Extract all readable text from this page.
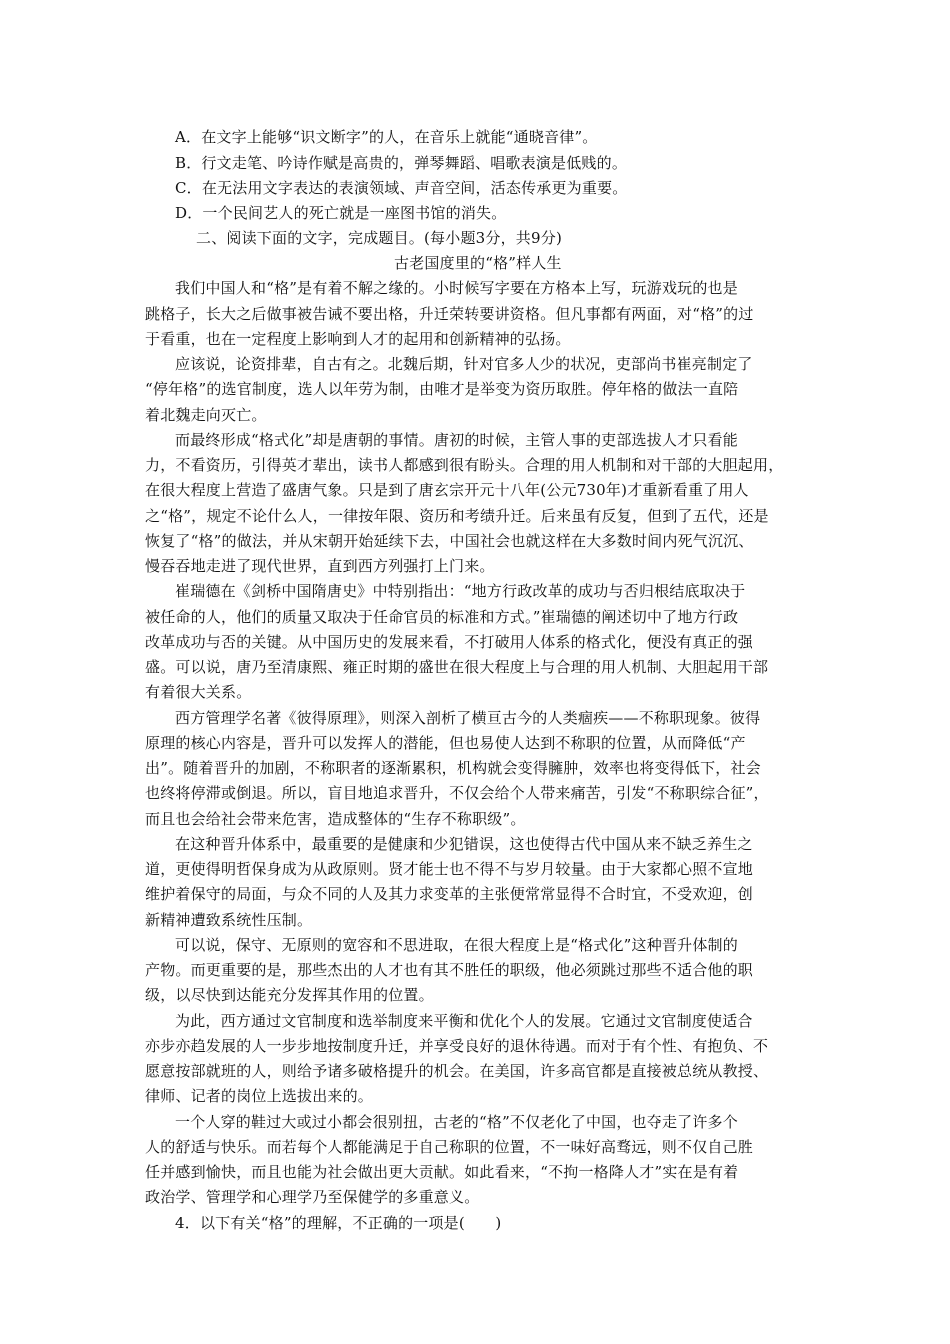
A．在文字上能够“识文断字”的人，在音乐上就能“通晓音律”。
B．行文走笔、吟诗作赋是高贵的，弹琴舞蹈、唱歌表演是低贱的。
C．在无法用文字表达的表演领域、声音空间，活态传承更为重要。
D．一个民间艺人的死亡就是一座图书馆的消失。
二、阅读下面的文字，完成题目。(每小题3分，共9分)
古老国度里的“格”样人生
我们中国人和“格”是有着不解之缘的。小时候写字要在方格本上写，玩游戏玩的也是
跳格子，长大之后做事被告诫不要出格，升迁荣转要讲资格。但凡事都有两面，对“格”的过
于看重，也在一定程度上影响到人才的起用和创新精神的弘扬。
应该说，论资排辈，自古有之。北魏后期，针对官多人少的状况，吏部尚书崔亮制定了
“停年格”的选官制度，选人以年劳为制，由唯才是举变为资历取胜。停年格的做法一直陪
着北魏走向灭亡。
而最终形成“格式化”却是唐朝的事情。唐初的时候，主管人事的吏部选拔人才只看能
力，不看资历，引得英才辈出，读书人都感到很有盼头。合理的用人机制和对干部的大胆起用，
在很大程度上营造了盛唐气象。只是到了唐玄宗开元十八年(公元730年)才重新看重了用人
之“格”，规定不论什么人，一律按年限、资历和考绩升迁。后来虽有反复，但到了五代，还是
恢复了“格”的做法，并从宋朝开始延续下去，中国社会也就这样在大多数时间内死气沉沉、
慢吞吞地走进了现代世界，直到西方列强打上门来。
崔瑞德在《剑桥中国隋唐史》中特别指出：“地方行政改革的成功与否归根结底取决于
被任命的人，他们的质量又取决于任命官员的标准和方式。”崔瑞德的阐述切中了地方行政
改革成功与否的关键。从中国历史的发展来看，不打破用人体系的格式化，便没有真正的强
盛。可以说，唐乃至清康熙、雍正时期的盛世在很大程度上与合理的用人机制、大胆起用干部
有着很大关系。
西方管理学名著《彼得原理》，则深入剖析了横亘古今的人类痼疾——不称职现象。彼得
原理的核心内容是，晋升可以发挥人的潜能，但也易使人达到不称职的位置，从而降低“产
出”。随着晋升的加剧，不称职者的逐渐累积，机构就会变得臃肿，效率也将变得低下，社会
也终将停滞或倒退。所以，盲目地追求晋升，不仅会给个人带来痛苦，引发“不称职综合征”，
而且也会给社会带来危害，造成整体的“生存不称职级”。
在这种晋升体系中，最重要的是健康和少犯错误，这也使得古代中国从来不缺乏养生之
道，更使得明哲保身成为从政原则。贤才能士也不得不与岁月较量。由于大家都心照不宣地
维护着保守的局面，与众不同的人及其力求变革的主张便常常显得不合时宜，不受欢迎，创
新精神遭致系统性压制。
可以说，保守、无原则的宽容和不思进取，在很大程度上是“格式化”这种晋升体制的
产物。而更重要的是，那些杰出的人才也有其不胜任的职级，他必须跳过那些不适合他的职
级，以尽快到达能充分发挥其作用的位置。
为此，西方通过文官制度和选举制度来平衡和优化个人的发展。它通过文官制度使适合
亦步亦趋发展的人一步步地按制度升迁，并享受良好的退休待遇。而对于有个性、有抱负、不
愿意按部就班的人，则给予诸多破格提升的机会。在美国，许多高官都是直接被总统从教授、
律师、记者的岗位上选拔出来的。
一个人穿的鞋过大或过小都会很别扭，古老的“格”不仅老化了中国，也夺走了许多个
人的舒适与快乐。而若每个人都能满足于自己称职的位置，不一味好高骛远，则不仅自己胜
任并感到愉快，而且也能为社会做出更大贡献。如此看来，“不拘一格降人才”实在是有着
政治学、管理学和心理学乃至保健学的多重意义。
4．以下有关“格”的理解，不正确的一项是(　　)
